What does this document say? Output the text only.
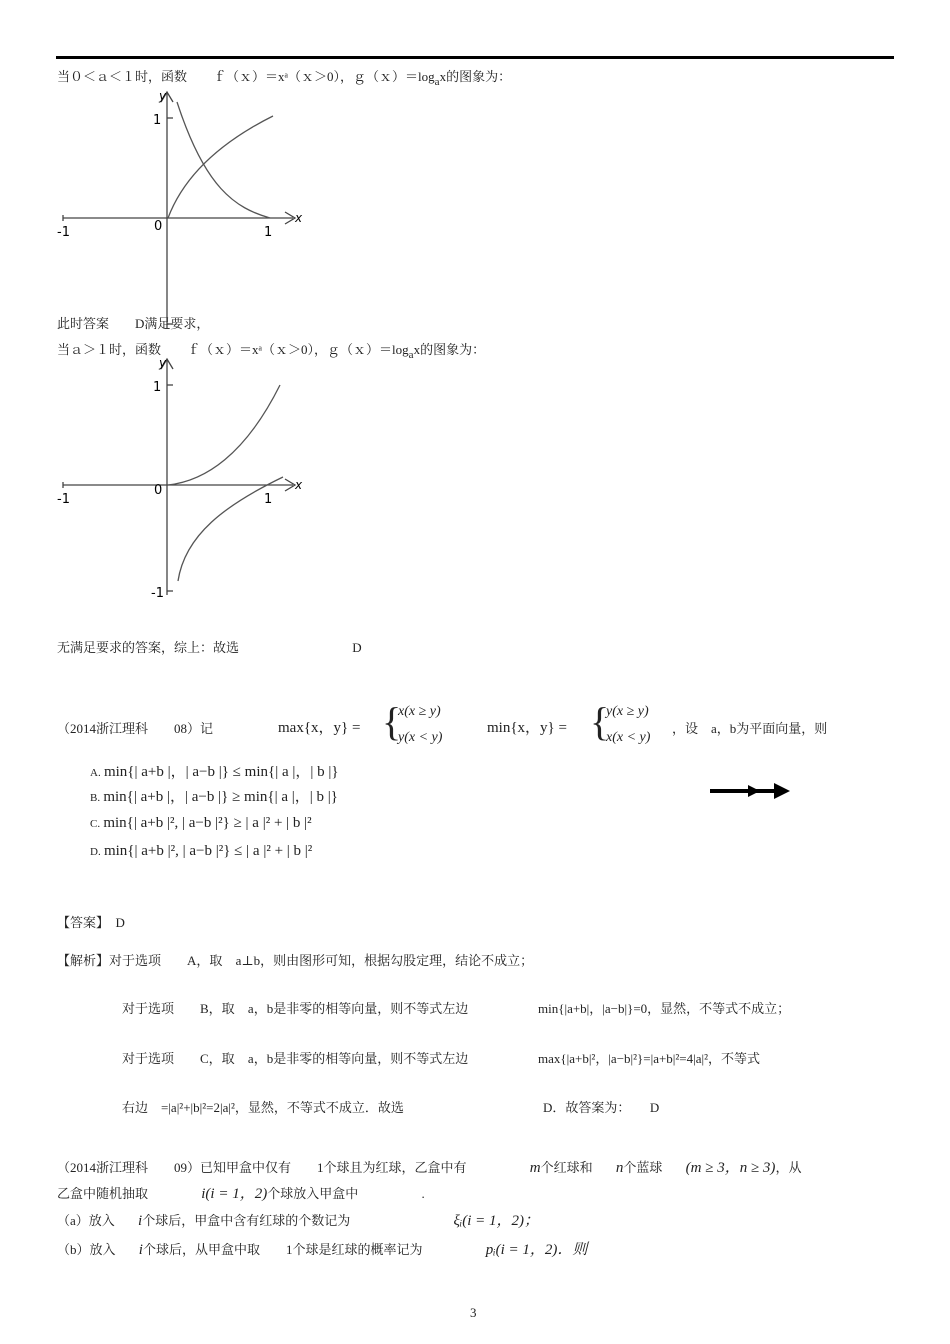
当０＜ａ＜１时，函数　　ｆ（ｘ）＝xᵃ（ｘ＞0），$g(x)=\log_ax$的图象为：
y
x
1
-1	0	1
此时答案　　D满足要求，
当ａ＞１时，函数　　ｆ（ｘ）＝xᵃ（ｘ＞0），$g(x)=\log_ax$的图象为：
y
x
1
-1
0
1
-1
无满足要求的答案，综上：故选	D
（2014浙江理科　　08）记	max{x，y} = {
x(x ≥ y)
y(x < y)
min{x，y} = {
y(x ≥ y)
x(x < y)
，设　a，b为平面向量，则
A. min{| a+b |，| a−b |} ≤ min{| a |，| b |}
B. min{| a+b |，| a−b |} ≥ min{| a |，| b |}
C. min{| a+b |², | a−b |²} ≥ | a |² + | b |²
D. min{| a+b |², | a−b |²} ≤ | a |² + | b |²
【答案】　D
【解析】对于选项　　A，取 a⊥b，则由图形可知，根据勾股定理，结论不成立；
对于选项　　B，取 a，b是非零的相等向量，则不等式左边	min{|a+b|，|a−b|}=0，显然，不等式不成立；
对于选项　　C，取 a，b是非零的相等向量，则不等式左边	max{|a+b|²，|a−b|²}=|a+b|²=4|a|²，不等式
右边　=|a|²+|b|²=2|a|²，显然，不等式不成立．故选	D．故答案为：　　D
（2014浙江理科　　09）已知甲盒中仅有　　1个球且为红球，乙盒中有	m个红球和 n个蓝球 (m ≥ 3，n ≥ 3)，从
乙盒中随机抽取	i(i = 1，2)个球放入甲盒中	.
（a）放入 i个球后，甲盒中含有红球的个数记为	ξᵢ(i = 1，2)；
（b）放入 i个球后，从甲盒中取　　1个球是红球的概率记为	pᵢ(i = 1，2)．则
3
